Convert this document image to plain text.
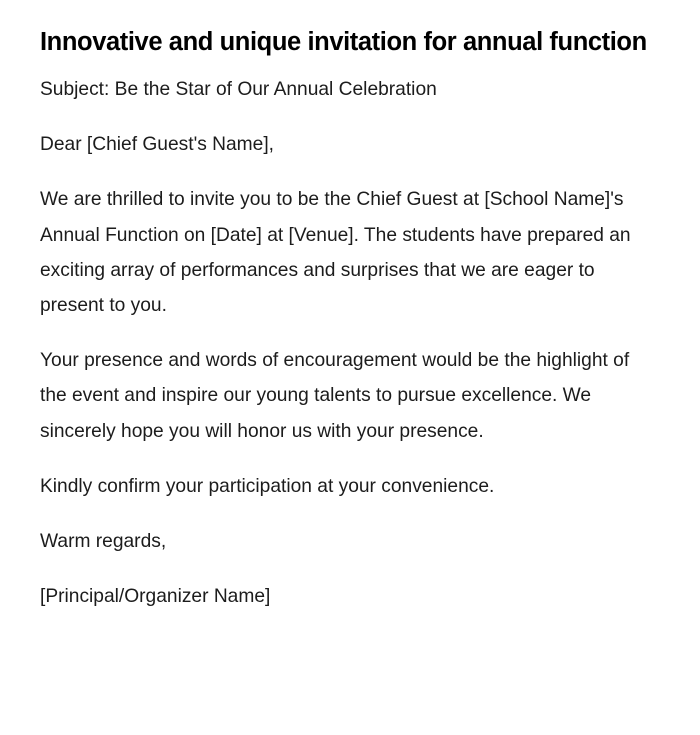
Innovative and unique invitation for annual function

Subject: Be the Star of Our Annual Celebration

Dear [Chief Guest's Name],

We are thrilled to invite you to be the Chief Guest at [School Name]'s Annual Function on [Date] at [Venue]. The students have prepared an exciting array of performances and surprises that we are eager to present to you.

Your presence and words of encouragement would be the highlight of the event and inspire our young talents to pursue excellence. We sincerely hope you will honor us with your presence.

Kindly confirm your participation at your convenience.

Warm regards,

[Principal/Organizer Name]
